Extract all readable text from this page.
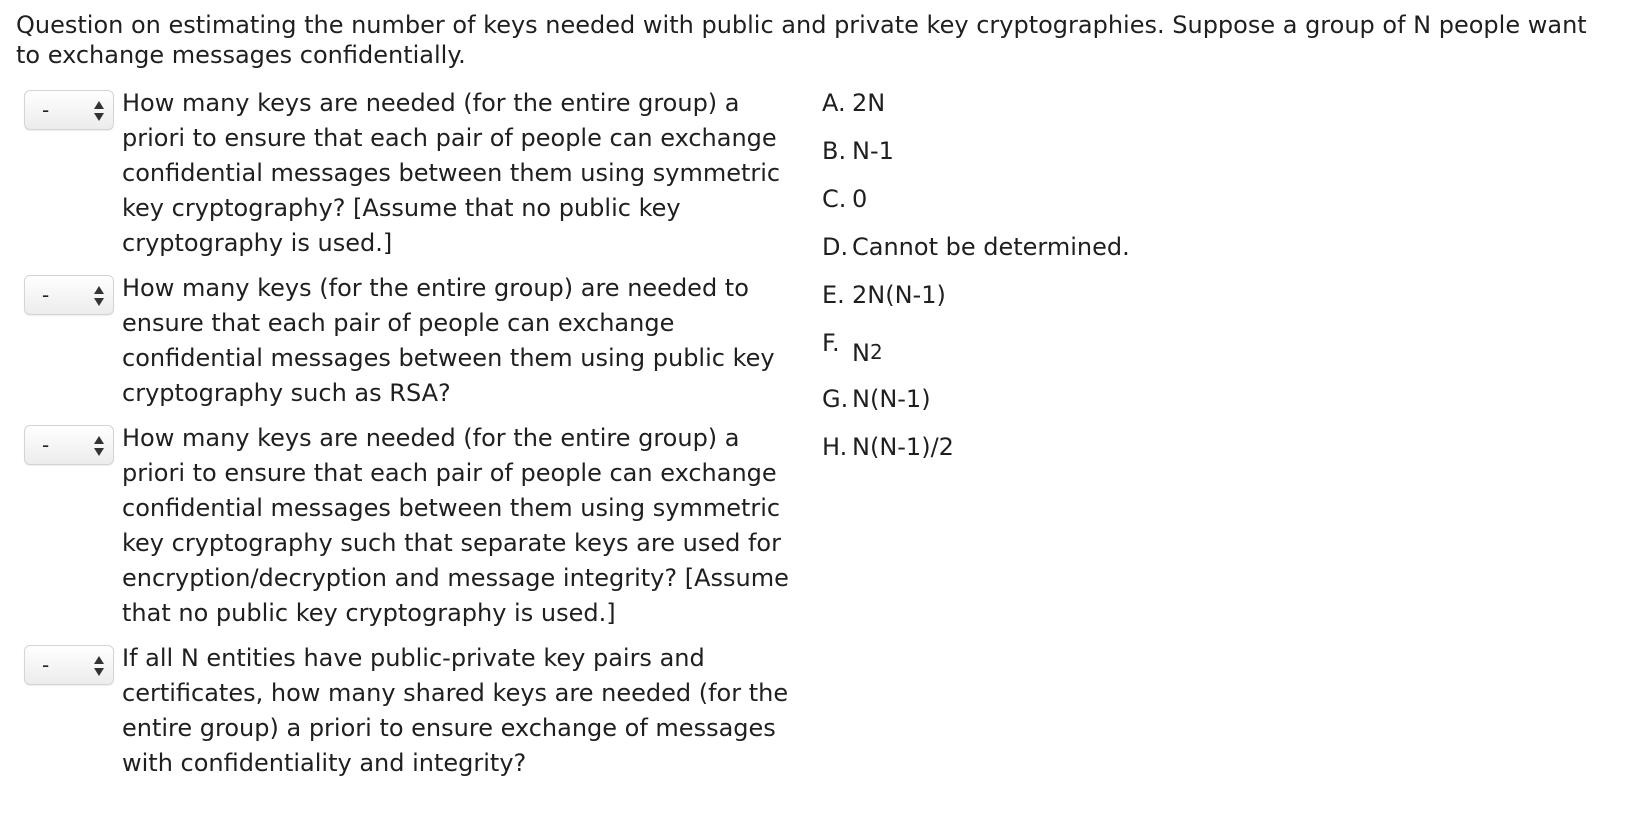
Question on estimating the number of keys needed with public and private key cryptographies. Suppose a group of N people want to exchange messages confidentially.
-	How many keys are needed (for the entire group) a priori to ensure that each pair of people can exchange confidential messages between them using symmetric key cryptography? [Assume that no public key cryptography is used.]
-	How many keys (for the entire group) are needed to ensure that each pair of people can exchange confidential messages between them using public key cryptography such as RSA?
-	How many keys are needed (for the entire group) a priori to ensure that each pair of people can exchange confidential messages between them using symmetric key cryptography such that separate keys are used for encryption/decryption and message integrity? [Assume that no public key cryptography is used.]
-	If all N entities have public-private key pairs and certificates, how many shared keys are needed (for the entire group) a priori to ensure exchange of messages with confidentiality and integrity?
A. 2N
B. N-1
C. 0
D. Cannot be determined.
E. 2N(N-1)
F. N2
G. N(N-1)
H. N(N-1)/2
